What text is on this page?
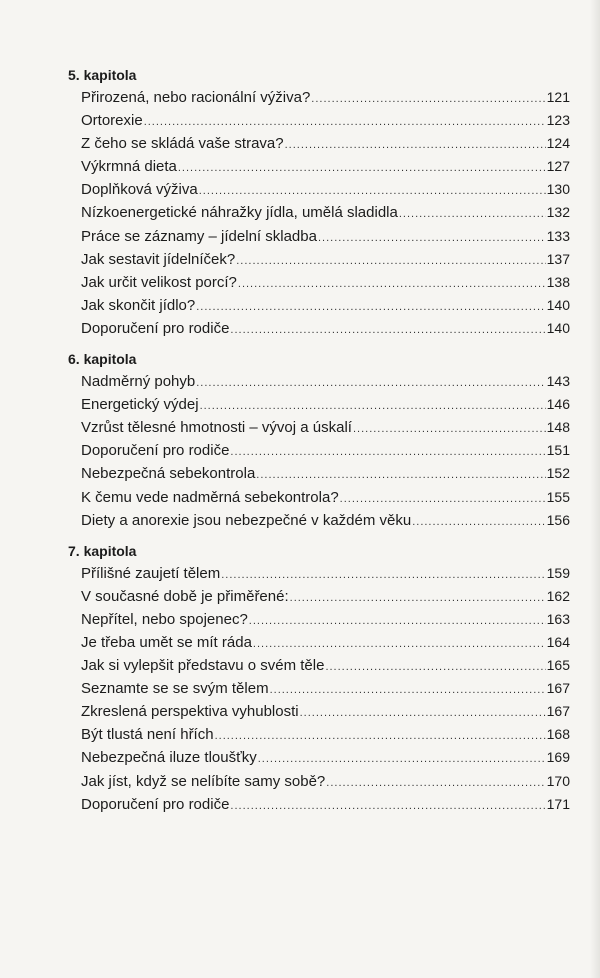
5. kapitola
Přirozená, nebo racionální výživa? .....	121
Ortorexie .....	123
Z čeho se skládá vaše strava? .....	124
Výkrmná dieta .....	127
Doplňková výživa .....	130
Nízkoenergetické náhražky jídla, umělá sladidla .....	132
Práce se záznamy – jídelní skladba .....	133
Jak sestavit jídelníček? .....	137
Jak určit velikost porcí? .....	138
Jak skončit jídlo? .....	140
Doporučení pro rodiče .....	140
6. kapitola
Nadměrný pohyb .....	143
Energetický výdej .....	146
Vzrůst tělesné hmotnosti – vývoj a úskalí .....	148
Doporučení pro rodiče .....	151
Nebezpečná sebekontrola .....	152
K čemu vede nadměrná sebekontrola? .....	155
Diety a anorexie jsou nebezpečné v každém věku .....	156
7. kapitola
Přílišné zaujetí tělem .....	159
V současné době je přiměřené: .....	162
Nepřítel, nebo spojenec? .....	163
Je třeba umět se mít ráda .....	164
Jak si vylepšit představu o svém těle .....	165
Seznamte se se svým tělem .....	167
Zkreslená perspektiva vyhublosti .....	167
Být tlustá není hřích .....	168
Nebezpečná iluze tloušťky .....	169
Jak jíst, když se nelíbíte samy sobě? .....	170
Doporučení pro rodiče .....	171
